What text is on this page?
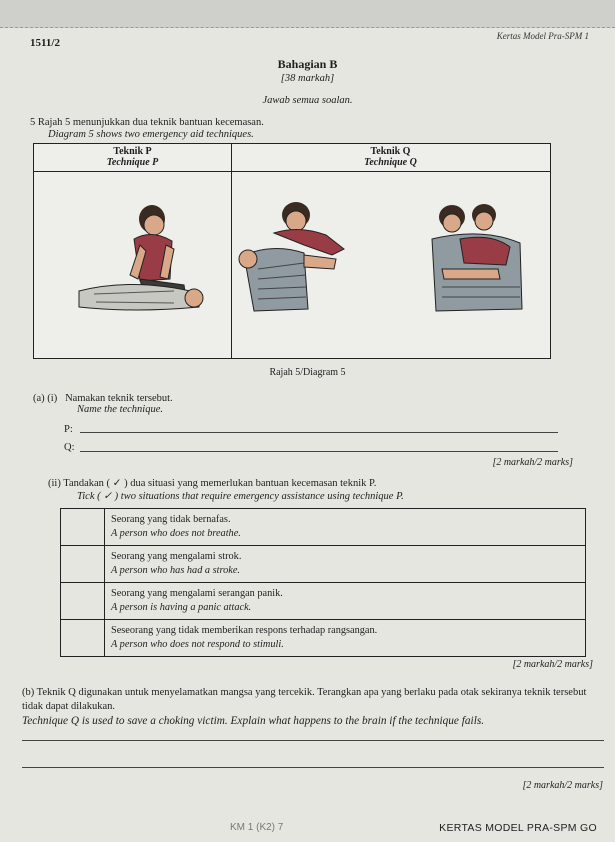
1511/2
Kertas Model Pra-SPM 1
Bahagian B
[38 markah]
Jawab semua soalan.
5 Rajah 5 menunjukkan dua teknik bantuan kecemasan.
Diagram 5 shows two emergency aid techniques.
Teknik P
Technique P
Teknik Q
Technique Q
Rajah 5/Diagram 5
(a) (i) Namakan teknik tersebut.
Name the technique.
P:
Q:
[2 markah/2 marks]
(ii) Tandakan ( ✓ ) dua situasi yang memerlukan bantuan kecemasan teknik P.
Tick ( ✓ ) two situations that require emergency assistance using technique P.
	Seorang yang tidak bernafas.
A person who does not breathe.

	Seorang yang mengalami strok.
A person who has had a stroke.

	Seorang yang mengalami serangan panik.
A person is having a panic attack.

	Seseorang yang tidak memberikan respons terhadap rangsangan.
A person who does not respond to stimuli.
[2 markah/2 marks]
(b) Teknik Q digunakan untuk menyelamatkan mangsa yang tercekik. Terangkan apa yang berlaku pada otak sekiranya teknik tersebut tidak dapat dilakukan.
Technique Q is used to save a choking victim. Explain what happens to the brain if the technique fails.
[2 markah/2 marks]
KM 1 (K2) 7	KERTAS MODEL PRA-SPM GO
